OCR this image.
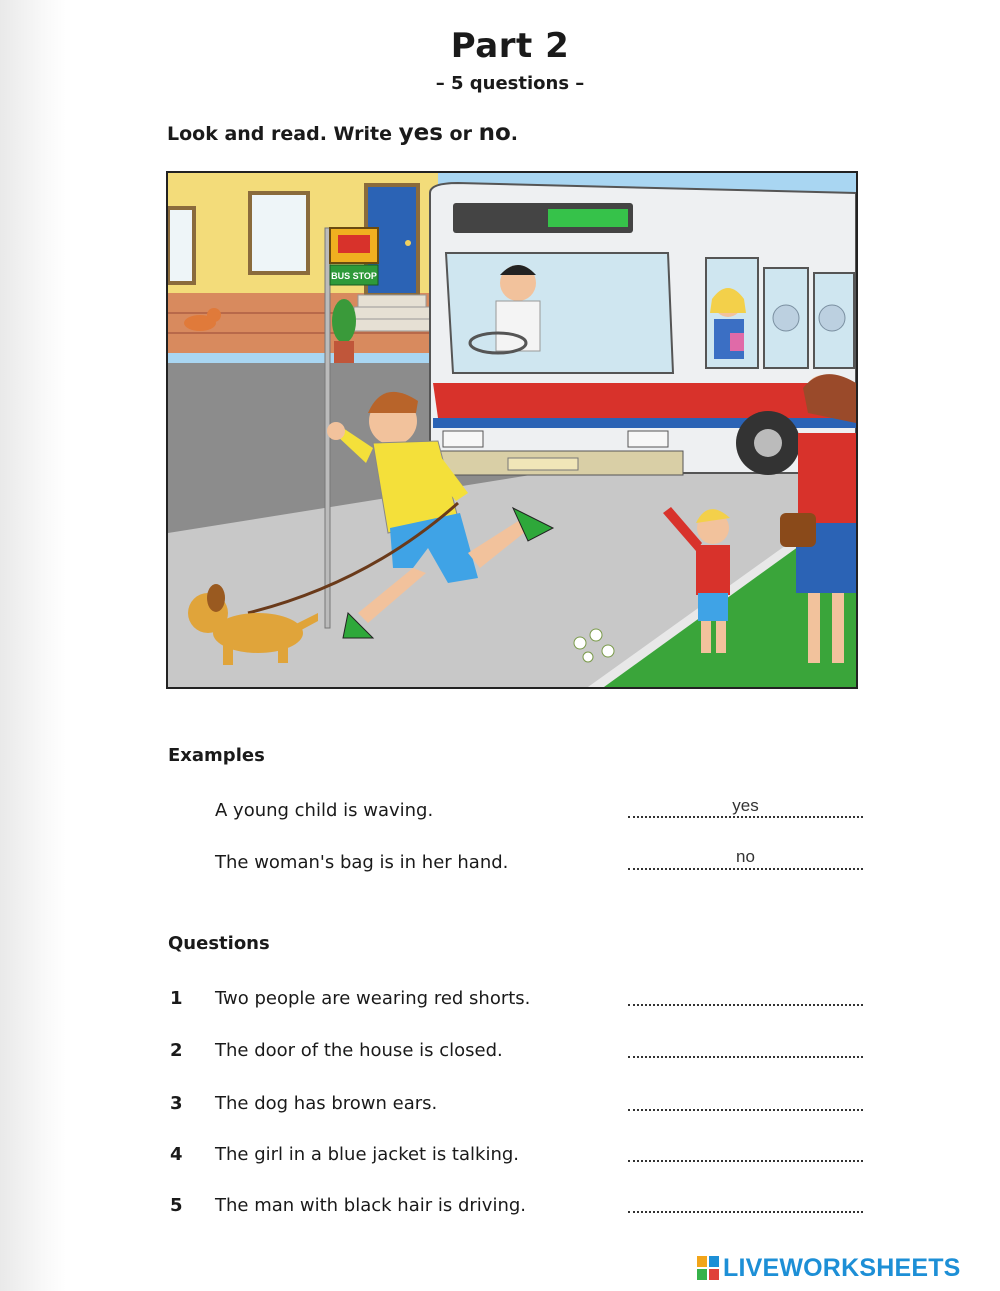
Part 2
– 5 questions –
Look and read. Write yes or no.
BUS STOP
Examples
A young child is waving.	yes
The woman's bag is in her hand.	no
Questions
1 Two people are wearing red shorts.
2 The door of the house is closed.
3 The dog has brown ears.
4 The girl in a blue jacket is talking.
5 The man with black hair is driving.
LIVEWORKSHEETS
